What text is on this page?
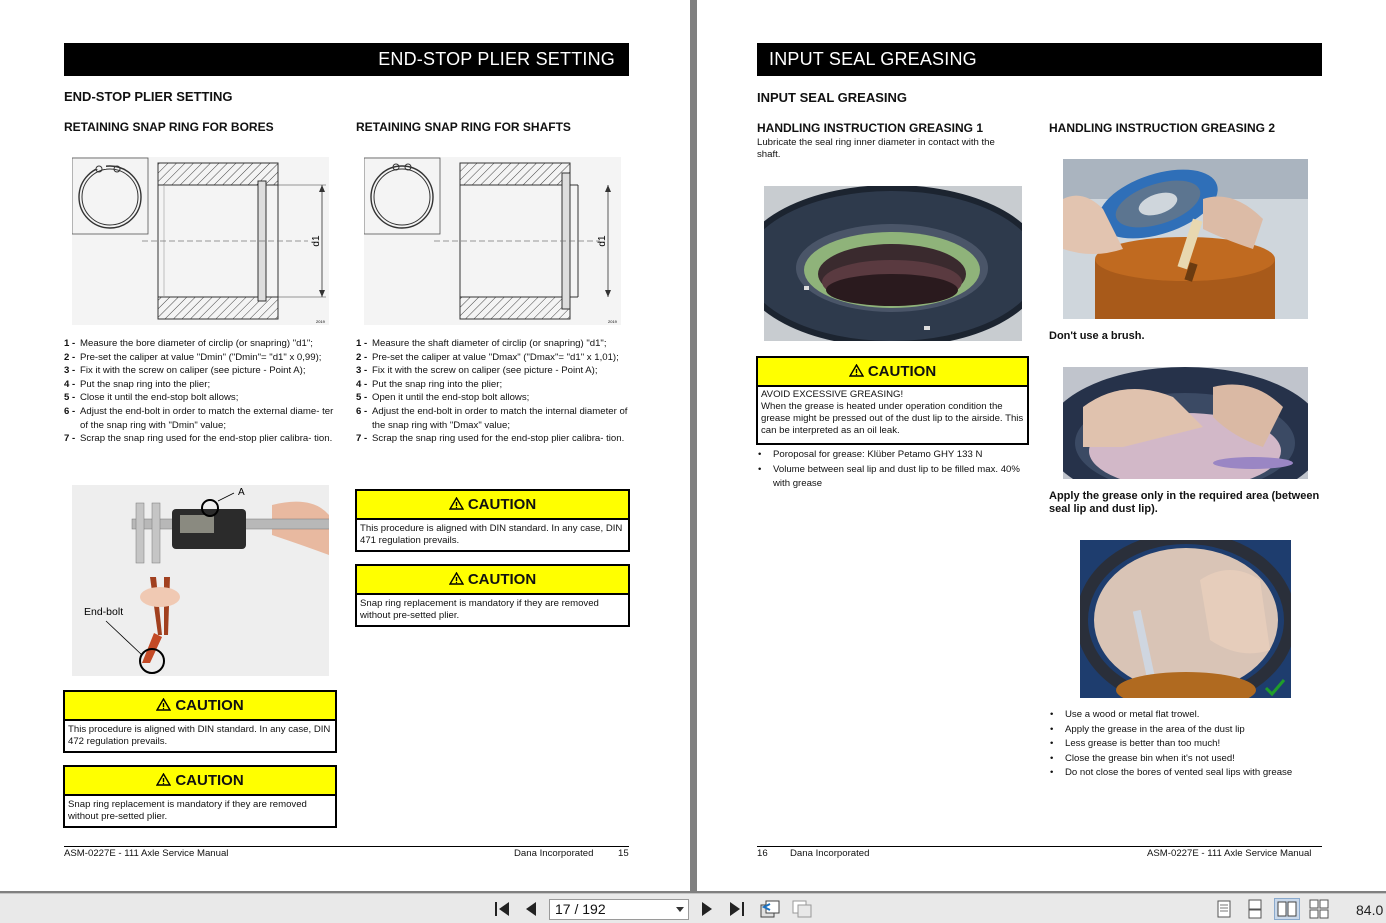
END-STOP PLIER SETTING
END-STOP PLIER SETTING
RETAINING SNAP RING FOR BORES
d1
2019
1 - Measure the bore diameter of circlip (or snapring) "d1";
2 - Pre-set the caliper at value "Dmin" ("Dmin"= "d1" x 0,99);
3 - Fix it with the screw on caliper (see picture - Point A);
4 - Put the snap ring into the plier;
5 - Close it until the end-stop bolt allows;
6 - Adjust the end-bolt in order to match the external diame- ter of the snap ring with "Dmin" value;
7 - Scrap the snap ring used for the end-stop plier calibra- tion.
A
End-bolt
CAUTION
This procedure is aligned with DIN standard. In any case, DIN 472 regulation prevails.
CAUTION
Snap ring replacement is mandatory if they are removed without pre-setted plier.
RETAINING SNAP RING FOR SHAFTS
d1
2019
1 - Measure the shaft diameter of circlip (or snapring) "d1";
2 - Pre-set the caliper at value "Dmax" ("Dmax"= "d1" x 1,01);
3 - Fix it with the screw on caliper (see picture - Point A);
4 - Put the snap ring into the plier;
5 - Open it until the end-stop bolt allows;
6 - Adjust the end-bolt in order to match the internal diameter of the snap ring with "Dmax" value;
7 - Scrap the snap ring used for the end-stop plier calibra- tion.
CAUTION
This procedure is aligned with DIN standard. In any case, DIN 471 regulation prevails.
CAUTION
Snap ring replacement is mandatory if they are removed without pre-setted plier.
ASM-0227E - 111 Axle Service Manual	Dana Incorporated	15
INPUT SEAL GREASING
INPUT SEAL GREASING
HANDLING INSTRUCTION GREASING 1
Lubricate the seal ring inner diameter in contact with the shaft.
CAUTION
AVOID EXCESSIVE GREASING!
When the grease is heated under operation condition the grease might be pressed out of the dust lip to the airside. This can be interpreted as an oil leak.
• Poroposal for grease: Klüber Petamo GHY 133 N
• Volume between seal lip and dust lip to be filled max. 40% with grease
HANDLING INSTRUCTION GREASING 2
Don't use a brush.
Apply the grease only in the required area (between seal lip and dust lip).
• Use a wood or metal flat trowel.
• Apply the grease in the area of the dust lip
• Less grease is better than too much!
• Close the grease bin when it's not used!
• Do not close the bores of vented seal lips with grease
16 Dana Incorporated	ASM-0227E - 111 Axle Service Manual
17 / 192	84.0
